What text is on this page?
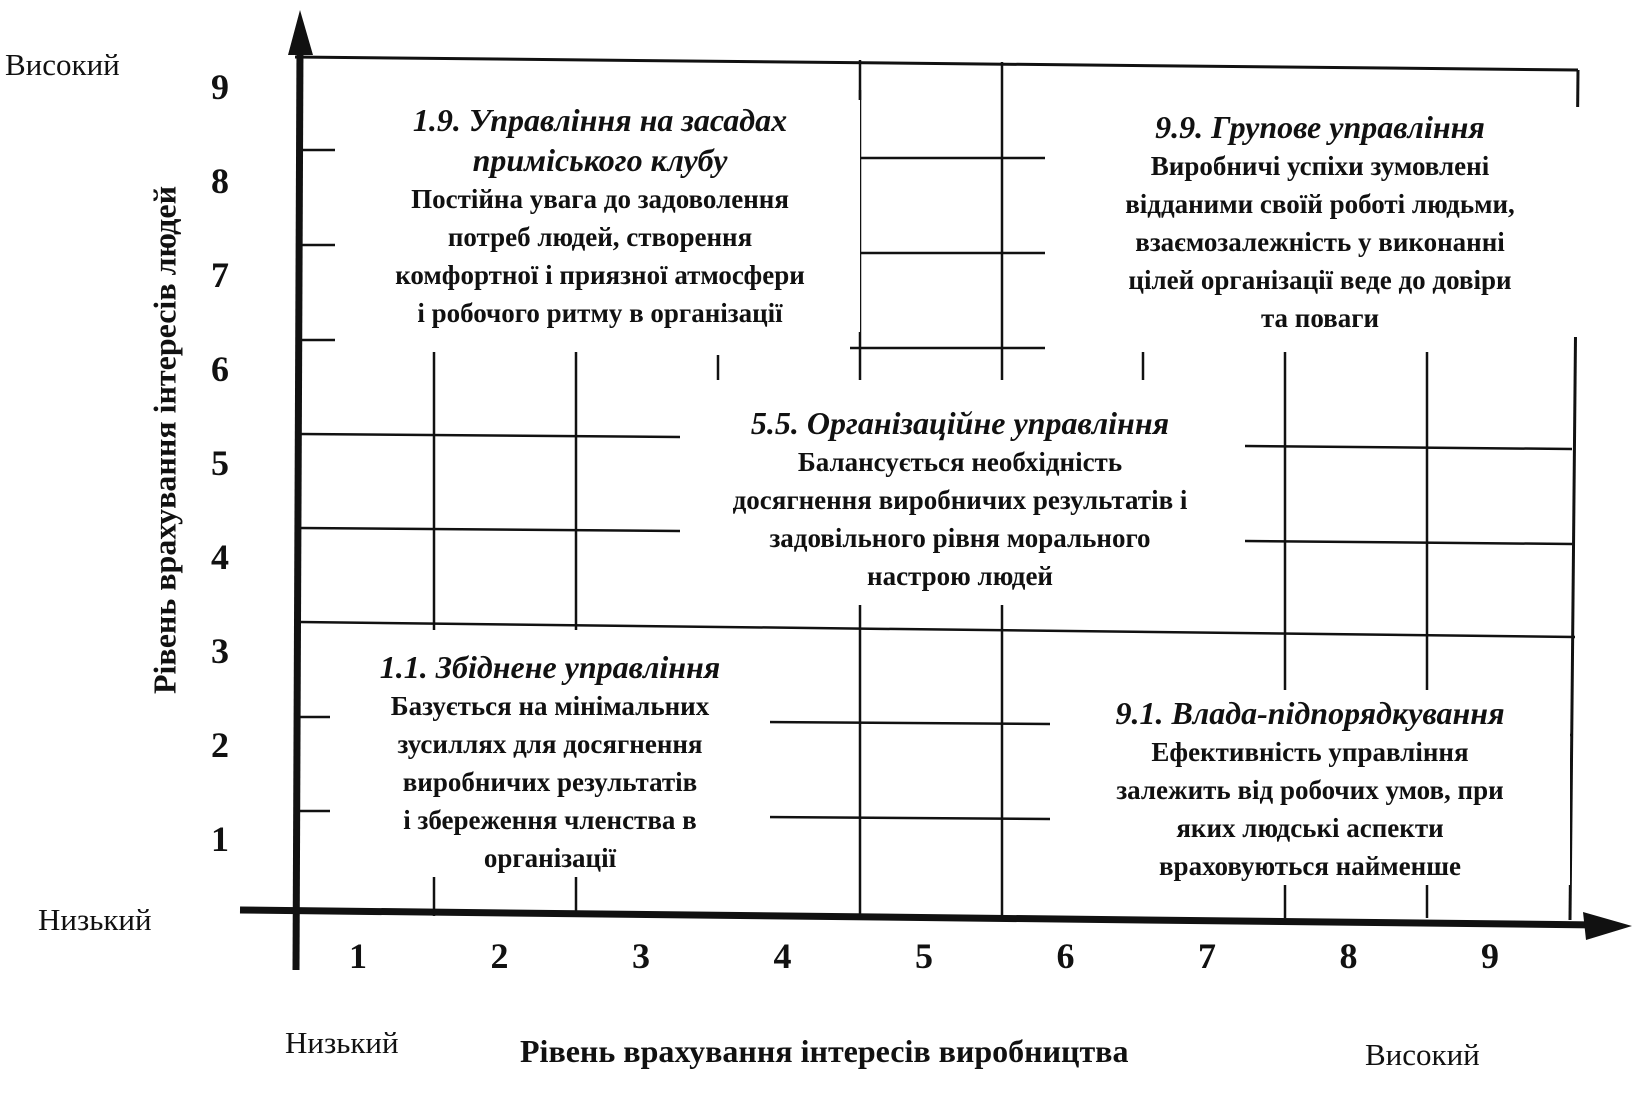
Високий
Низький
Низький	Високий
Рівень врахування інтересів людей
Рівень врахування інтересів виробництва
1
2
3
4
5
6
7
8
9
1	2	3	4	5	6	7	8	9
1.9. Управління на засадах
приміського клубу
Постійна увага до задоволення
потреб людей, створення
комфортної і приязної атмосфери
і робочого ритму в організації
9.9. Групове управління
Виробничі успіхи зумовлені
відданими своїй роботі людьми,
взаємозалежність у виконанні
цілей організації веде до довіри
та поваги
5.5. Організаційне управління
Балансується необхідність
досягнення виробничих результатів і
задовільного рівня морального
настрою людей
1.1. Збіднене управління
Базується на мінімальних
зусиллях для досягнення
виробничих результатів
і збереження членства в
організації
9.1. Влада-підпорядкування
Ефективність управління
залежить від робочих умов, при
яких людські аспекти
враховуються найменше
